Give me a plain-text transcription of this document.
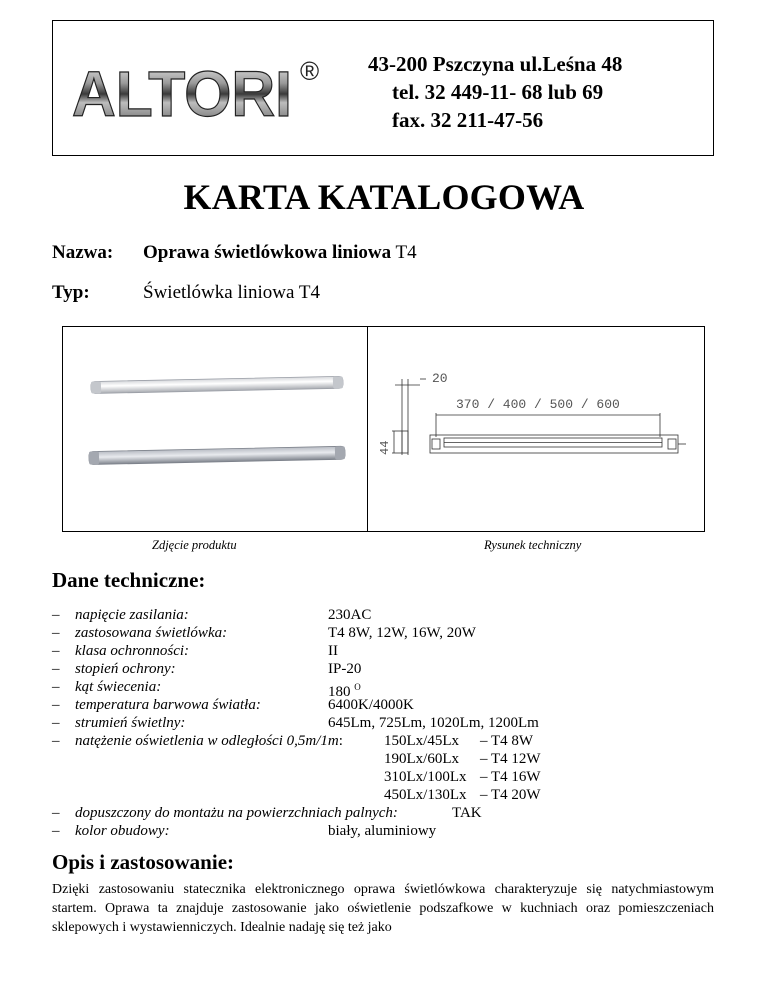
ALTORI ® 43-200 Pszczyna ul.Leśna 48
tel. 32 449-11- 68 lub 69
fax. 32 211-47-56
KARTA KATALOGOWA
Nazwa: Oprawa świetlówkowa liniowa T4
Typ:	Świetlówka liniowa T4
20
370 / 400 / 500 / 600
44
Zdjęcie produktu	Rysunek techniczny
Dane techniczne:
– napięcie zasilania:	230AC
– zastosowana świetlówka:	T4 8W, 12W, 16W, 20W
– klasa ochronności:	II
– stopień ochrony:	IP-20
– kąt świecenia:	180 $^O$
– temperatura barwowa światła:	6400K/4000K
– strumień świetlny:	645Lm, 725Lm, 1020Lm, 1200Lm
– natężenie oświetlenia w odległości 0,5m/1m:	150Lx/45Lx – T4 8W
190Lx/60Lx – T4 12W
310Lx/100Lx – T4 16W
450Lx/130Lx – T4 20W
– dopuszczony do montażu na powierzchniach palnych:	TAK
– kolor obudowy:	biały, aluminiowy
Opis i zastosowanie:
Dzięki zastosowaniu statecznika elektronicznego oprawa świetlówkowa charakteryzuje się natychmiastowym startem. Oprawa ta znajduje zastosowanie jako oświetlenie podszafkowe w kuchniach oraz pomieszczeniach sklepowych i wystawienniczych. Idealnie nadaję się też jako
